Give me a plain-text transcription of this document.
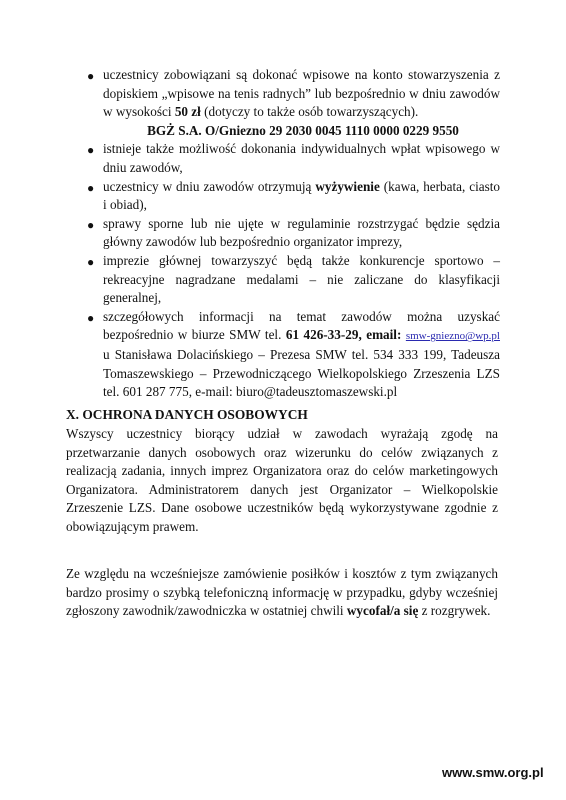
● uczestnicy zobowiązani są dokonać wpisowe na konto stowarzyszenia z dopiskiem „wpisowe na tenis radnych” lub bezpośrednio w dniu zawodów w wysokości 50 zł (dotyczy to także osób towarzyszących).
BGŻ S.A. O/Gniezno 29 2030 0045 1110 0000 0229 9550
● istnieje także możliwość dokonania indywidualnych wpłat wpisowego w dniu zawodów,
● uczestnicy w dniu zawodów otrzymują wyżywienie (kawa, herbata, ciasto i obiad),
● sprawy sporne lub nie ujęte w regulaminie rozstrzygać będzie sędzia główny zawodów lub bezpośrednio organizator imprezy,
● imprezie głównej towarzyszyć będą także konkurencje sportowo – rekreacyjne nagradzane medalami – nie zaliczane do klasyfikacji generalnej,
● szczegółowych informacji na temat zawodów można uzyskać bezpośrednio w biurze SMW tel. 61 426-33-29, email: smw-gniezno@wp.pl u Stanisława Dolacińskiego – Prezesa SMW tel. 534 333 199, Tadeusza Tomaszewskiego – Przewodniczącego Wielkopolskiego Zrzeszenia LZS tel. 601 287 775, e-mail: biuro@tadeusztomaszewski.pl
X. OCHRONA DANYCH OSOBOWYCH
Wszyscy uczestnicy biorący udział w zawodach wyrażają zgodę na przetwarzanie danych osobowych oraz wizerunku do celów związanych z realizacją zadania, innych imprez Organizatora oraz do celów marketingowych Organizatora. Administratorem danych jest Organizator – Wielkopolskie Zrzeszenie LZS. Dane osobowe uczestników będą wykorzystywane zgodnie z obowiązującym prawem.
Ze względu na wcześniejsze zamówienie posiłków i kosztów z tym związanych bardzo prosimy o szybką telefoniczną informację w przypadku, gdyby wcześniej zgłoszony zawodnik/zawodniczka w ostatniej chwili wycofał/a się z rozgrywek.
www.smw.org.pl
